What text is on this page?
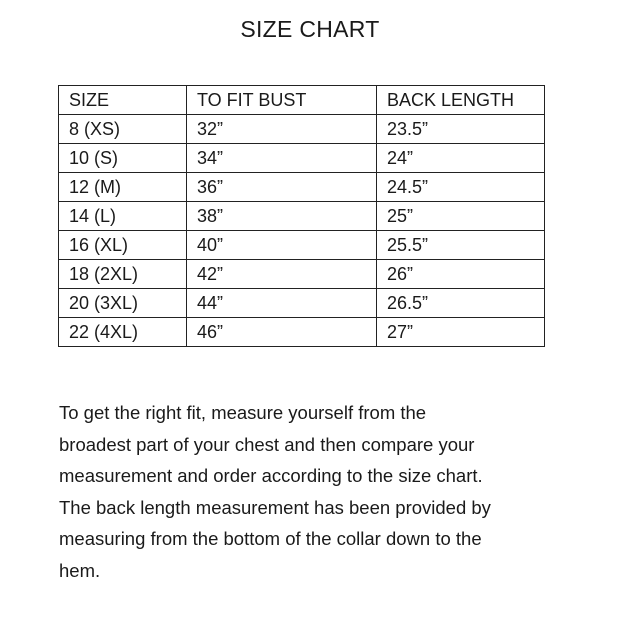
SIZE CHART
SIZE	TO FIT BUST	BACK LENGTH
8 (XS)	32”	23.5”
10 (S)	34”	24”
12 (M)	36”	24.5”
14 (L)	38”	25”
16 (XL)	40”	25.5”
18 (2XL)	42”	26”
20 (3XL)	44”	26.5”
22 (4XL)	46”	27”

To get the right fit, measure yourself from the

broadest part of your chest and then compare your

measurement and order according to the size chart.

The back length measurement has been provided by

measuring from the bottom of the collar down to the

hem.
